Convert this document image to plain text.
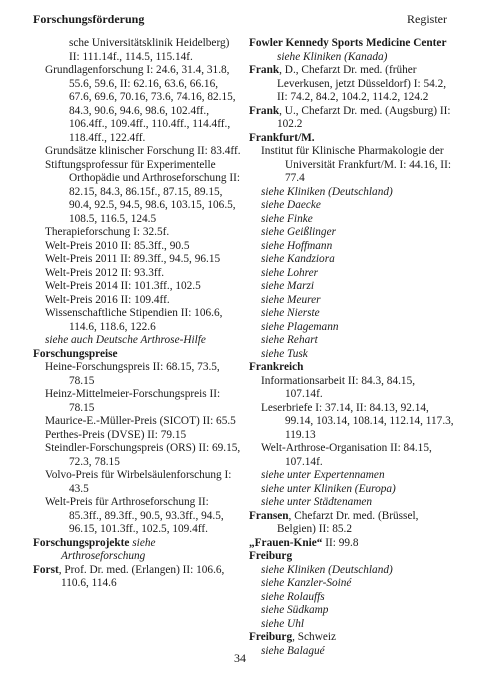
Forschungsförderung	Register
sche Universitätsklinik Heidelberg) II: 111.14f., 114.5, 115.14f.
Grundlagenforschung I: 24.6, 31.4, 31.8, 55.6, 59.6, II: 62.16, 63.6, 66.16, 67.6, 69.6, 70.16, 73.6, 74.16, 82.15, 84.3, 90.6, 94.6, 98.6, 102.4ff., 106.4ff., 109.4ff., 110.4ff., 114.4ff., 118.4ff., 122.4ff.
Grundsätze klinischer Forschung II: 83.4ff.
Stiftungsprofessur für Experimentelle Orthopädie und Arthroseforschung II: 82.15, 84.3, 86.15f., 87.15, 89.15, 90.4, 92.5, 94.5, 98.6, 103.15, 106.5, 108.5, 116.5, 124.5
Therapieforschung I: 32.5f.
Welt-Preis 2010 II: 85.3ff., 90.5
Welt-Preis 2011 II: 89.3ff., 94.5, 96.15
Welt-Preis 2012 II: 93.3ff.
Welt-Preis 2014 II: 101.3ff., 102.5
Welt-Preis 2016 II: 109.4ff.
Wissenschaftliche Stipendien II: 106.6, 114.6, 118.6, 122.6
siehe auch Deutsche Arthrose-Hilfe
Forschungspreise
Heine-Forschungspreis II: 68.15, 73.5, 78.15
Heinz-Mittelmeier-Forschungspreis II: 78.15
Maurice-E.-Müller-Preis (SICOT) II: 65.5
Perthes-Preis (DVSE) II: 79.15
Steindler-Forschungspreis (ORS) II: 69.15, 72.3, 78.15
Volvo-Preis für Wirbelsäulenforschung I: 43.5
Welt-Preis für Arthroseforschung II: 85.3ff., 89.3ff., 90.5, 93.3ff., 94.5, 96.15, 101.3ff., 102.5, 109.4ff.
Forschungsprojekte siehe Arthroseforschung
Forst, Prof. Dr. med. (Erlangen) II: 106.6, 110.6, 114.6
Fowler Kennedy Sports Medicine Center siehe Kliniken (Kanada)
Frank, D., Chefarzt Dr. med. (früher Leverkusen, jetzt Düsseldorf) I: 54.2, II: 74.2, 84.2, 104.2, 114.2, 124.2
Frank, U., Chefarzt Dr. med. (Augsburg) II: 102.2
Frankfurt/M.
Institut für Klinische Pharmakologie der Universität Frankfurt/M. I: 44.16, II: 77.4
siehe Kliniken (Deutschland)
siehe Daecke
siehe Finke
siehe Geißlinger
siehe Hoffmann
siehe Kandziora
siehe Lohrer
siehe Marzi
siehe Meurer
siehe Nierste
siehe Plagemann
siehe Rehart
siehe Tusk
Frankreich
Informationsarbeit II: 84.3, 84.15, 107.14f.
Leserbriefe I: 37.14, II: 84.13, 92.14, 99.14, 103.14, 108.14, 112.14, 117.3, 119.13
Welt-Arthrose-Organisation II: 84.15, 107.14f.
siehe unter Expertennamen
siehe unter Kliniken (Europa)
siehe unter Städtenamen
Fransen, Chefarzt Dr. med. (Brüssel, Belgien) II: 85.2
„Frauen-Knie“ II: 99.8
Freiburg
siehe Kliniken (Deutschland)
siehe Kanzler-Soiné
siehe Rolauffs
siehe Südkamp
siehe Uhl
Freiburg, Schweiz
siehe Balagué
34
